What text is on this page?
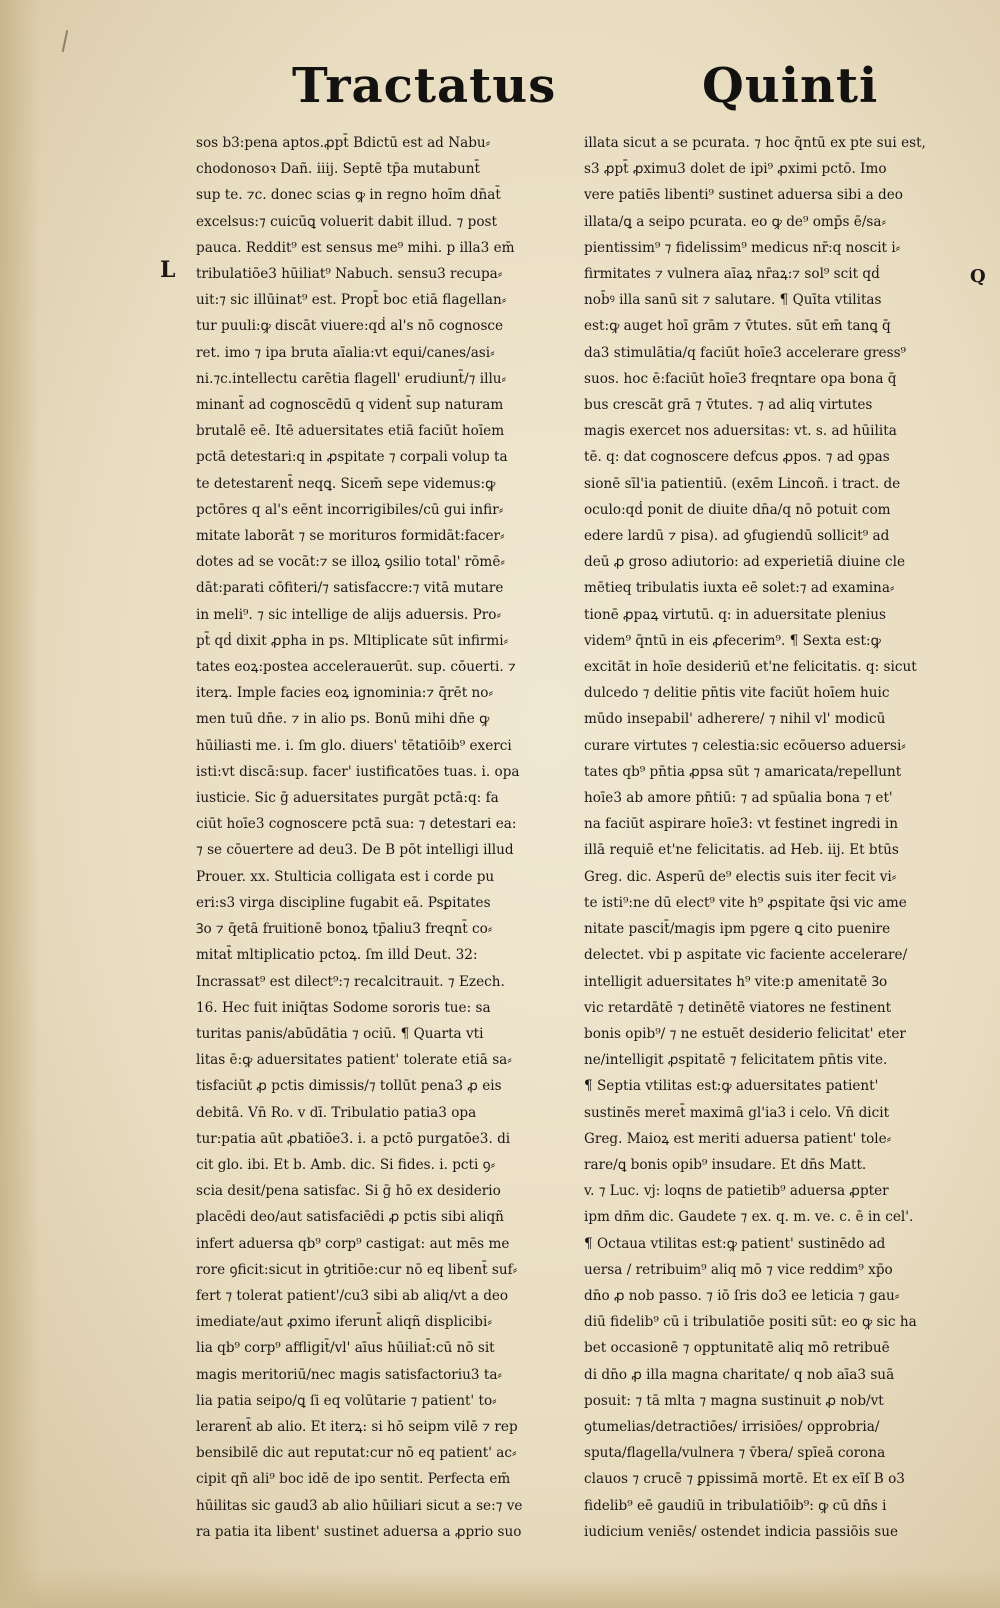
Tractatus	Quinti
L	Q
sos b3:pena aptos.ꝓpt̄ Bdictū est ad Nabu⸗
chodonosoꝛ Dañ. iiij. Septē tp̄a mutabunt̄
sup te. ⁊c. donec scias ꝙ in regno hoīm dn̄at̄
excelsus:⁊ cuicūꝗ voluerit dabit illud. ⁊ post
pauca. Reddit⁹ est sensus me⁹ mihi. p illa3 em̄
tribulatiōe3 hūiliat⁹ Nabuch. sensu3 recupa⸗
uit:⁊ sic illūinat⁹ est. Propt̄ boc etiā flagellan⸗
tur puuli:ꝙ discāt viuere:qḋ al's nō cognosce
ret. imo ⁊ ipa bruta aīalia:vt equi/canes/asi⸗
ni.⁊c.intellectu carētia flagell' erudiunt̄/⁊ illu⸗
minant̄ ad cognoscēdū q vident̄ sup naturam
brutalē eē. Itē aduersitates etiā faciūt hoīem
pctā detestari:q in ꝓspitate ⁊ corpali volup ta
te detestarent̄ neqꝗ. Sicem̄ sepe videmus:ꝙ
pctōres q al's eēnt incorrigibiles/cū gui infir⸗
mitate laborāt ⁊ se morituros formidāt:facer⸗
dotes ad se vocāt:⁊ se illoꝝ ꝯsilio total' rōmē⸗
dāt:parati cōfiteri/⁊ satisfaccre:⁊ vitā mutare
in meli⁹. ⁊ sic intellige de alijs aduersis. Pro⸗
pt̄ qḋ dixit ꝓpha in ps. Mltiplicate sūt infirmi⸗
tates eoꝝ:postea accelerauerūt. sup. cōuerti. ⁊
iterꝝ. Imple facies eoꝝ ignominia:⁊ q̄rēt no⸗
men tuū dn̄e. ⁊ in alio ps. Bonū mihi dn̄e ꝙ
hūiliasti me. i. ſm glo. diuers' tētatiōib⁹ exerci
isti:vt discā:sup. facer' iustificatōes tuas. i. opa
iusticie. Sic ḡ aduersitates purgāt pctā:q: fa
ciūt hoīe3 cognoscere pctā sua: ⁊ detestari ea:
⁊ se cōuertere ad deu3. De B pōt intelligi illud
Prouer. xx. Stulticia colligata est i corde pu
eri:s3 virga discipline fugabit eā. Psꝑitates
Ꝫo ⁊ q̄etā fruitionē bonoꝝ tp̄aliu3 freqnt̄ co⸗
mitat̄ mltiplicatio pctoꝝ. ſm illḋ Deut. 32:
Incrassat⁹ est dilect⁹:⁊ recalcitrauit. ⁊ Ezech.
16. Hec fuit iniq̄tas Sodome sororis tue: sa
turitas panis/abūdātia ⁊ ociū. ¶ Quarta vti
litas ē:ꝙ aduersitates patient' tolerate etiā sa⸗
tisfaciūt ꝓ pctis dimissis/⁊ tollūt pena3 ꝓ eis
debitā. Vn̄ Ro. v dī. Tribulatio patia3 opa
tur:patia aūt ꝓbatiōe3. i. a pctō purgatōe3. di
cit glo. ibi. Et b. Amb. dic. Si fides. i. pcti ꝯ⸗
scia desit/pena satisfac. Si ḡ hō ex desiderio
placēdi deo/aut satisfaciēdi ꝓ pctis sibi aliqñ
infert aduersa qb⁹ corp⁹ castigat: aut mēs me
rore ꝯficit:sicut in ꝯtritiōe:cur nō eq libent̄ suf⸗
fert ⁊ tolerat patient'/cu3 sibi ab aliq/vt a deo
imediate/aut ꝓximo iferunt̄ aliqñ displicibi⸗
lia qb⁹ corp⁹ affligit̄/vl' aīus hūiliat̄:cū nō sit
magis meritoriū/nec magis satisfactoriu3 ta⸗
lia patia seipo/ꝗ ſi eq volūtarie ⁊ patient' to⸗
lerarent̄ ab alio. Et iterꝝ: si hō seipm vilē ⁊ rep
bensibilē dic aut reputat:cur nō eq patient' ac⸗
cipit qñ ali⁹ boc idē de ipo sentit. Perfecta em̄
hūilitas sic gaud3 ab alio hūiliari sicut a se:⁊ ve
ra patia ita libent' sustinet aduersa a ꝓprio suo
illata sicut a se pcurata. ⁊ hoc q̄ntū ex pte sui est,
s3 ꝓpt̄ ꝓximu3 dolet de ipi⁹ ꝓximi pctō. Imo
vere patiēs libenti⁹ sustinet aduersa sibi a deo
illata/ꝗ a seipo pcurata. eo ꝙ de⁹ omp̄s ē/sa⸗
pientissim⁹ ⁊ fidelissim⁹ medicus nr̄:q noscit i⸗
firmitates ⁊ vulnera aīaꝝ nr̄aꝝ:⁊ sol⁹ scit qḋ
nob̄ꝰ illa sanū sit ⁊ salutare. ¶ Quīta vtilitas
est:ꝙ auget hoī grām ⁊ v̄tutes. sūt em̄ tanꝗ q̄
da3 stimulātia/q faciūt hoīe3 accelerare gress⁹
suos. hoc ē:faciūt hoīe3 freqntare opa bona q̄
bus crescāt grā ⁊ v̄tutes. ⁊ ad aliq virtutes
magis exercet nos aduersitas: vt. s. ad hūilita
tē. q: dat cognoscere defcus ꝓpos. ⁊ ad ꝯpas
sionē sīl'ia patientiū. (exēm Lincoñ. i tract. de
oculo:qḋ ponit de diuite dn̄a/q nō potuit com
edere lardū ⁊ pisa). ad ꝯfugiendū sollicit⁹ ad
deū ꝓ groso adiutorio: ad experietiā diuine cle
mētieq tribulatis iuxta eē solet:⁊ ad examina⸗
tionē ꝓpaꝝ virtutū. q: in aduersitate plenius
videm⁹ q̄ntū in eis ꝓfecerim⁹. ¶ Sexta est:ꝙ
excitāt in hoīe desideriū et'ne felicitatis. q: sicut
dulcedo ⁊ delitie pn̄tis vite faciūt hoīem huic
mūdo insepabil' adherere/ ⁊ nihil vl' modicū
curare virtutes ⁊ celestia:sic ecōuerso aduersi⸗
tates qb⁹ pn̄tia ꝓpsa sūt ⁊ amaricata/repellunt
hoīe3 ab amore pn̄tiū: ⁊ ad spūalia bona ⁊ et'
na faciūt aspirare hoīe3: vt festinet ingredi in
illā requiē et'ne felicitatis. ad Heb. iij. Et btūs
Greg. dic. Asperū de⁹ electis suis iter fecit vi⸗
te isti⁹:ne dū elect⁹ vite h⁹ ꝓspitate q̄si vic ame
nitate pascit̄/magis ipm pgere ꝗ cito puenire
delectet. vbi p aspitate vic faciente accelerare/
intelligit aduersitates h⁹ vite:p amenitatē Ꝫo
vic retardātē ⁊ detinētē viatores ne festinent
bonis opib⁹/ ⁊ ne estuēt desiderio felicitat' eter
ne/intelligit ꝓspitatē ⁊ felicitatem pn̄tis vite.
¶ Septia vtilitas est:ꝙ aduersitates patient'
sustinēs meret̄ maximā gl'ia3 i celo. Vn̄ dicit
Greg. Maioꝝ est meriti aduersa patient' tole⸗
rare/ꝗ bonis opib⁹ insudare. Et dn̄s Matt.
v. ⁊ Luc. vj: loqns de patietib⁹ aduersa ꝓpter
ipm dn̄m dic. Gaudete ⁊ ex. q. m. ve. c. ē in cel'.
¶ Octaua vtilitas est:ꝙ patient' sustinēdo ad
uersa / retribuim⁹ aliq mō ⁊ vice reddim⁹ xp̄o
dn̄o ꝓ nob passo. ⁊ iō ſris do3 ee leticia ⁊ gau⸗
diū fidelib⁹ cū i tribulatiōe positi sūt: eo ꝙ sic ha
bet occasionē ⁊ opptunitatē aliq mō retribuē
di dn̄o ꝓ illa magna charitate/ q nob aīa3 suā
posuit: ⁊ tā mlta ⁊ magna sustinuit ꝓ nob/vt
ꝯtumelias/detractiōes/ irrisiōes/ opprobria/
sputa/flagella/vulnera ⁊ v̄bera/ spīeā corona
clauos ⁊ crucē ⁊ ꝑpissimā mortē. Et ex eīſ B o3
fidelib⁹ eē gaudiū in tribulatiōib⁹: ꝙ cū dn̄s i
iudicium veniēs/ ostendet indicia passiōis sue
